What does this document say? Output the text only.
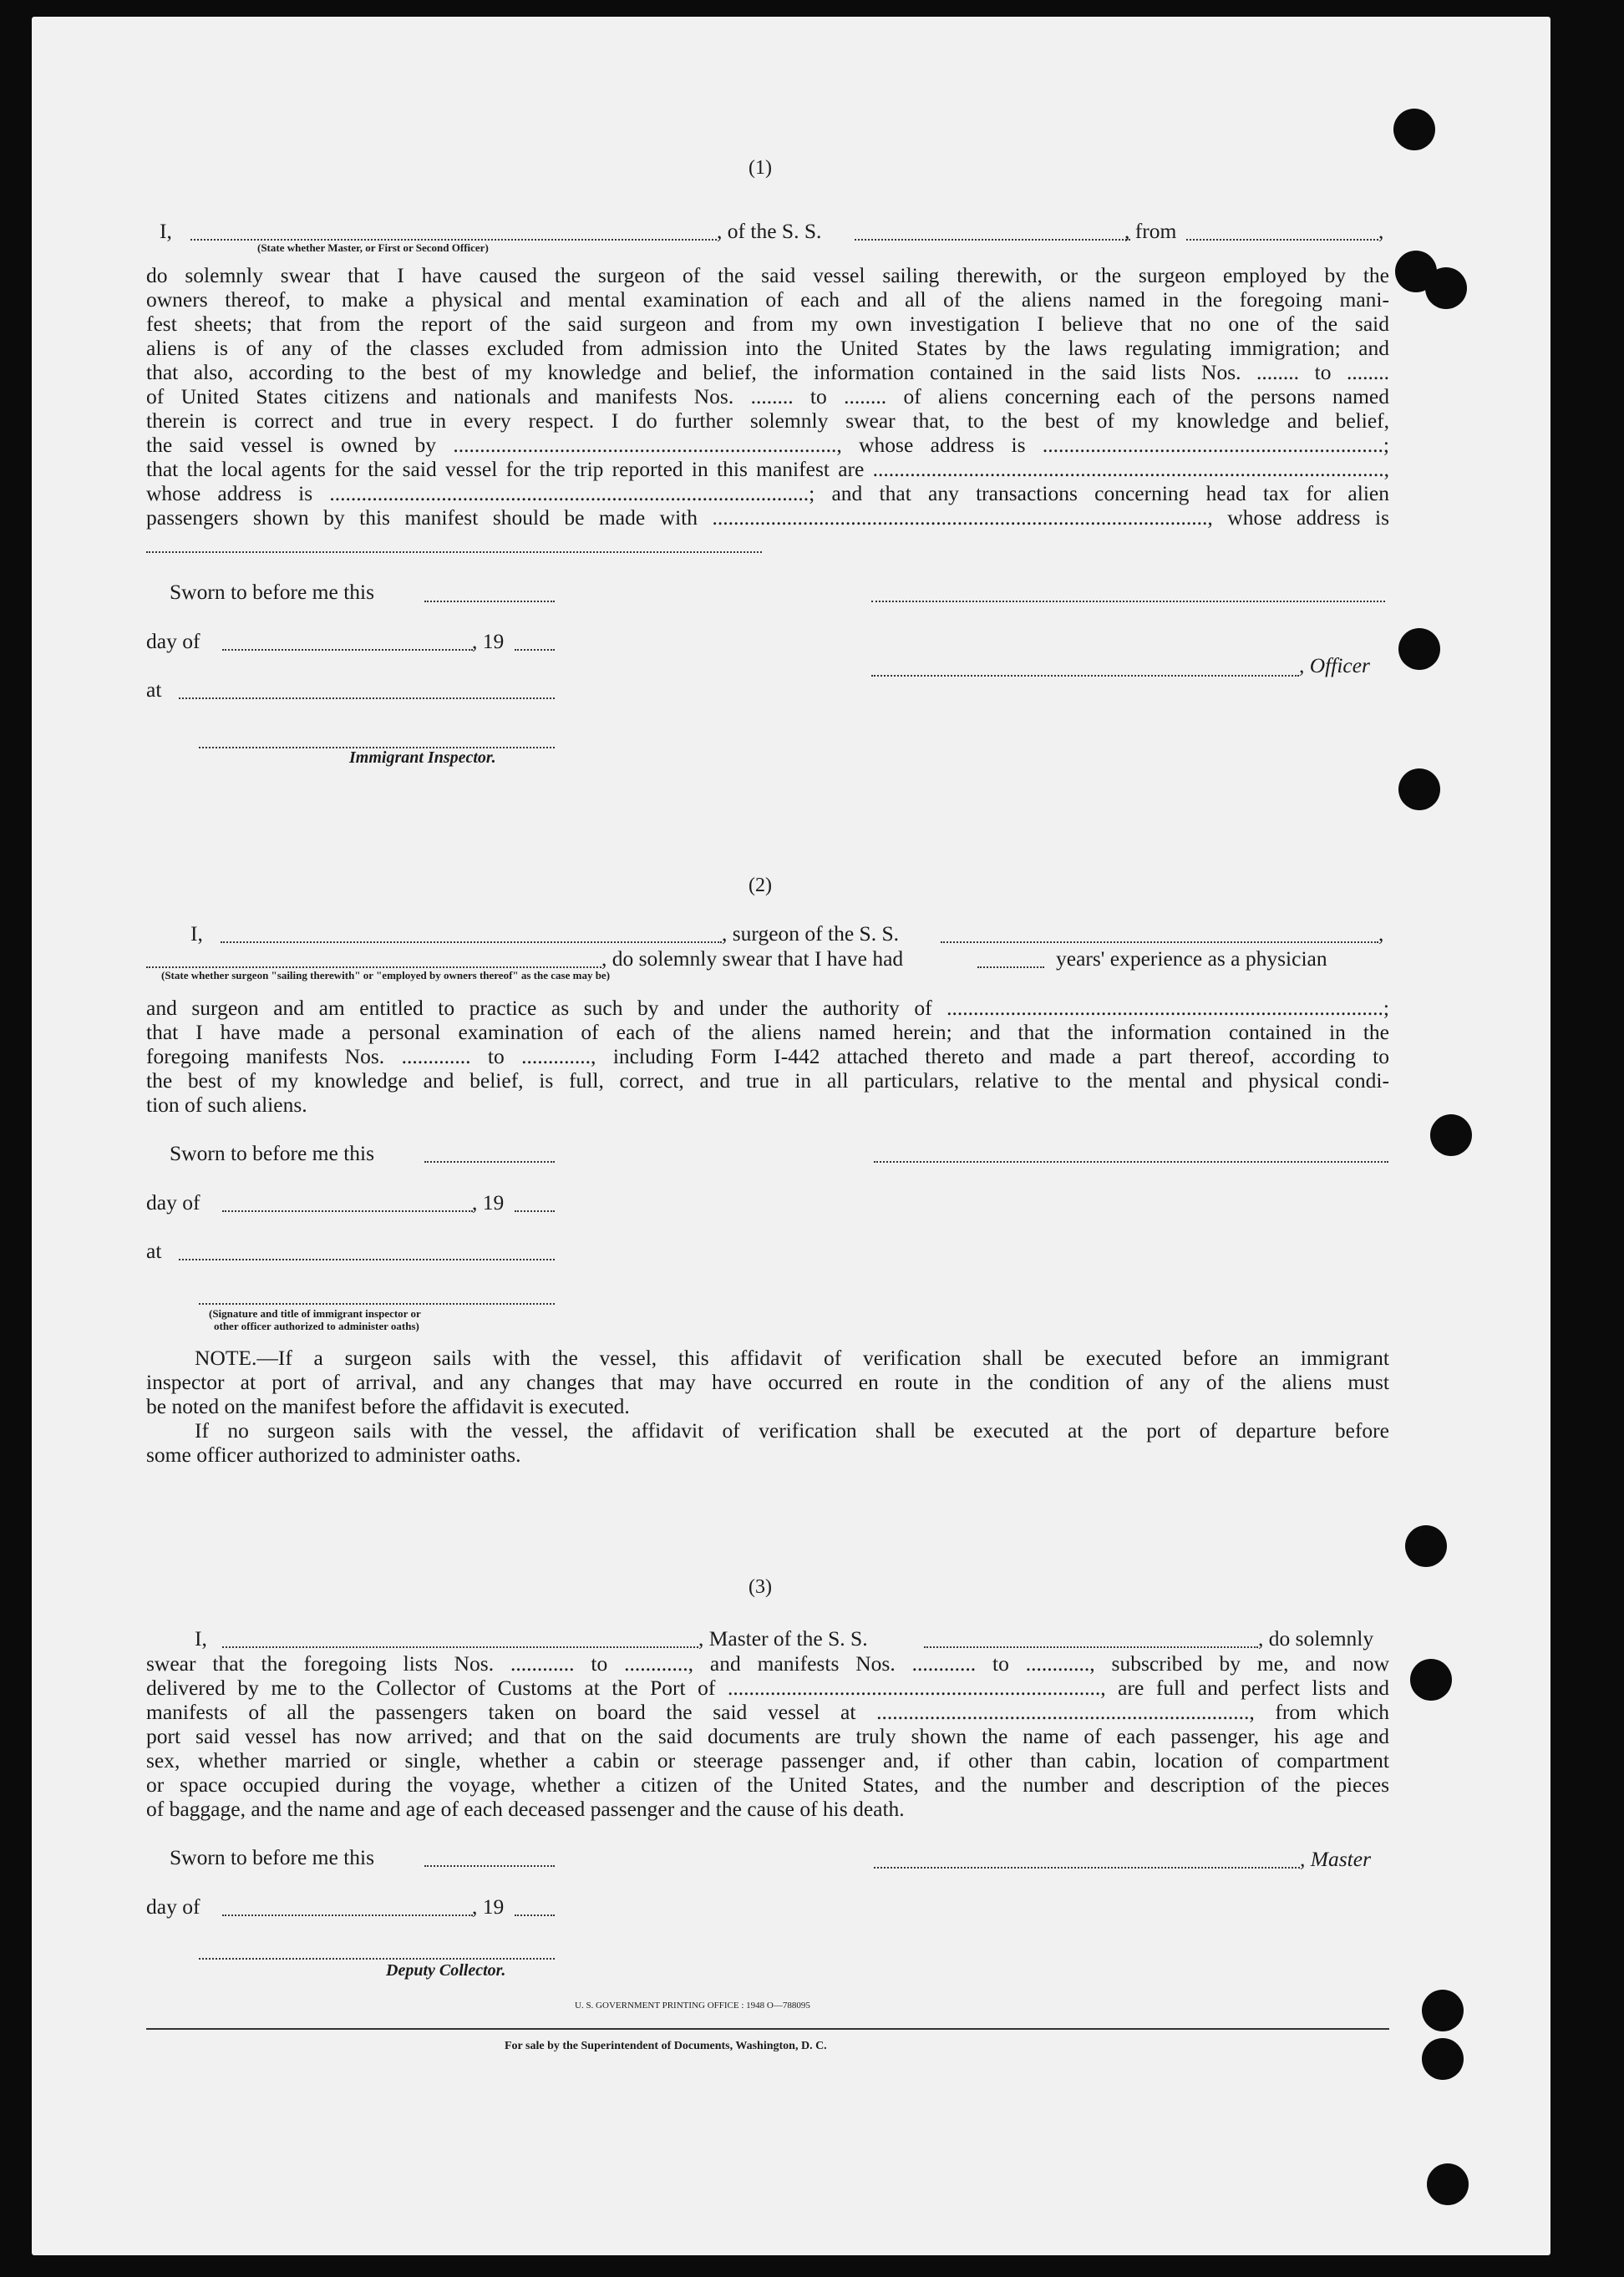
(1)
I,	, of the S. S.	, from	,
(State whether Master, or First or Second Officer)
do solemnly swear that I have caused the surgeon of the said vessel sailing therewith, or the surgeon employed by the
owners thereof, to make a physical and mental examination of each and all of the aliens named in the foregoing mani-
fest sheets; that from the report of the said surgeon and from my own investigation I believe that no one of the said
aliens is of any of the classes excluded from admission into the United States by the laws regulating immigration; and
that also, according to the best of my knowledge and belief, the information contained in the said lists Nos. ........ to ........
of United States citizens and nationals and manifests Nos. ........ to ........ of aliens concerning each of the persons named
therein is correct and true in every respect. I do further solemnly swear that, to the best of my knowledge and belief,
the said vessel is owned by ........................................................................, whose address is ................................................................;
that the local agents for the said vessel for the trip reported in this manifest are ................................................................................................,
whose address is ..........................................................................................; and that any transactions concerning head tax for alien
passengers shown by this manifest should be made with ............................................................................................., whose address is
Sworn to before me this
day of	, 19
, Officer
at
Immigrant Inspector.
(2)
I,	, surgeon of the S. S.	,
, do solemnly swear that I have had	years' experience as a physician
(State whether surgeon "sailing therewith" or "employed by owners thereof" as the case may be)
and surgeon and am entitled to practice as such by and under the authority of ..................................................................................;
that I have made a personal examination of each of the aliens named herein; and that the information contained in the
foregoing manifests Nos. ............. to ............., including Form I-442 attached thereto and made a part thereof, according to
the best of my knowledge and belief, is full, correct, and true in all particulars, relative to the mental and physical condi-
tion of such aliens.
Sworn to before me this
day of	, 19
at
(Signature and title of immigrant inspector or
other officer authorized to administer oaths)
NOTE.—If a surgeon sails with the vessel, this affidavit of verification shall be executed before an immigrant
inspector at port of arrival, and any changes that may have occurred en route in the condition of any of the aliens must
be noted on the manifest before the affidavit is executed.
If no surgeon sails with the vessel, the affidavit of verification shall be executed at the port of departure before
some officer authorized to administer oaths.
(3)
I,	, Master of the S. S.	, do solemnly
swear that the foregoing lists Nos. ............ to ............, and manifests Nos. ............ to ............, subscribed by me, and now
delivered by me to the Collector of Customs at the Port of ......................................................................, are full and perfect lists and
manifests of all the passengers taken on board the said vessel at ......................................................................, from which
port said vessel has now arrived; and that on the said documents are truly shown the name of each passenger, his age and
sex, whether married or single, whether a cabin or steerage passenger and, if other than cabin, location of compartment
or space occupied during the voyage, whether a citizen of the United States, and the number and description of the pieces
of baggage, and the name and age of each deceased passenger and the cause of his death.
Sworn to before me this	, Master
day of	, 19
Deputy Collector.
U. S. GOVERNMENT PRINTING OFFICE : 1948 O—788095
For sale by the Superintendent of Documents, Washington, D. C.
